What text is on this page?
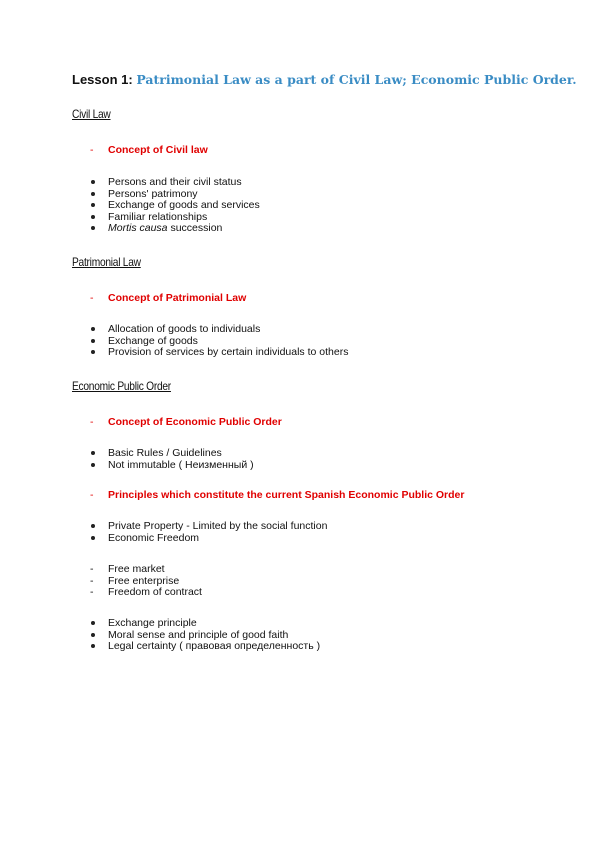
Lesson 1: Patrimonial Law as a part of Civil Law; Economic Public Order.
Civil Law
- Concept of Civil law
Persons and their civil status
Persons' patrimony
Exchange of goods and services
Familiar relationships
Mortis causa succession
Patrimonial Law
- Concept of Patrimonial Law
Allocation of goods to individuals
Exchange of goods
Provision of services by certain individuals to others
Economic Public Order
- Concept of Economic Public Order
Basic Rules / Guidelines
Not immutable ( Неизменный )
- Principles which constitute the current Spanish Economic Public Order
Private Property - Limited by the social function
Economic Freedom
- Free market
- Free enterprise
- Freedom of contract
Exchange principle
Moral sense and principle of good faith
Legal certainty ( правовая определенность )
